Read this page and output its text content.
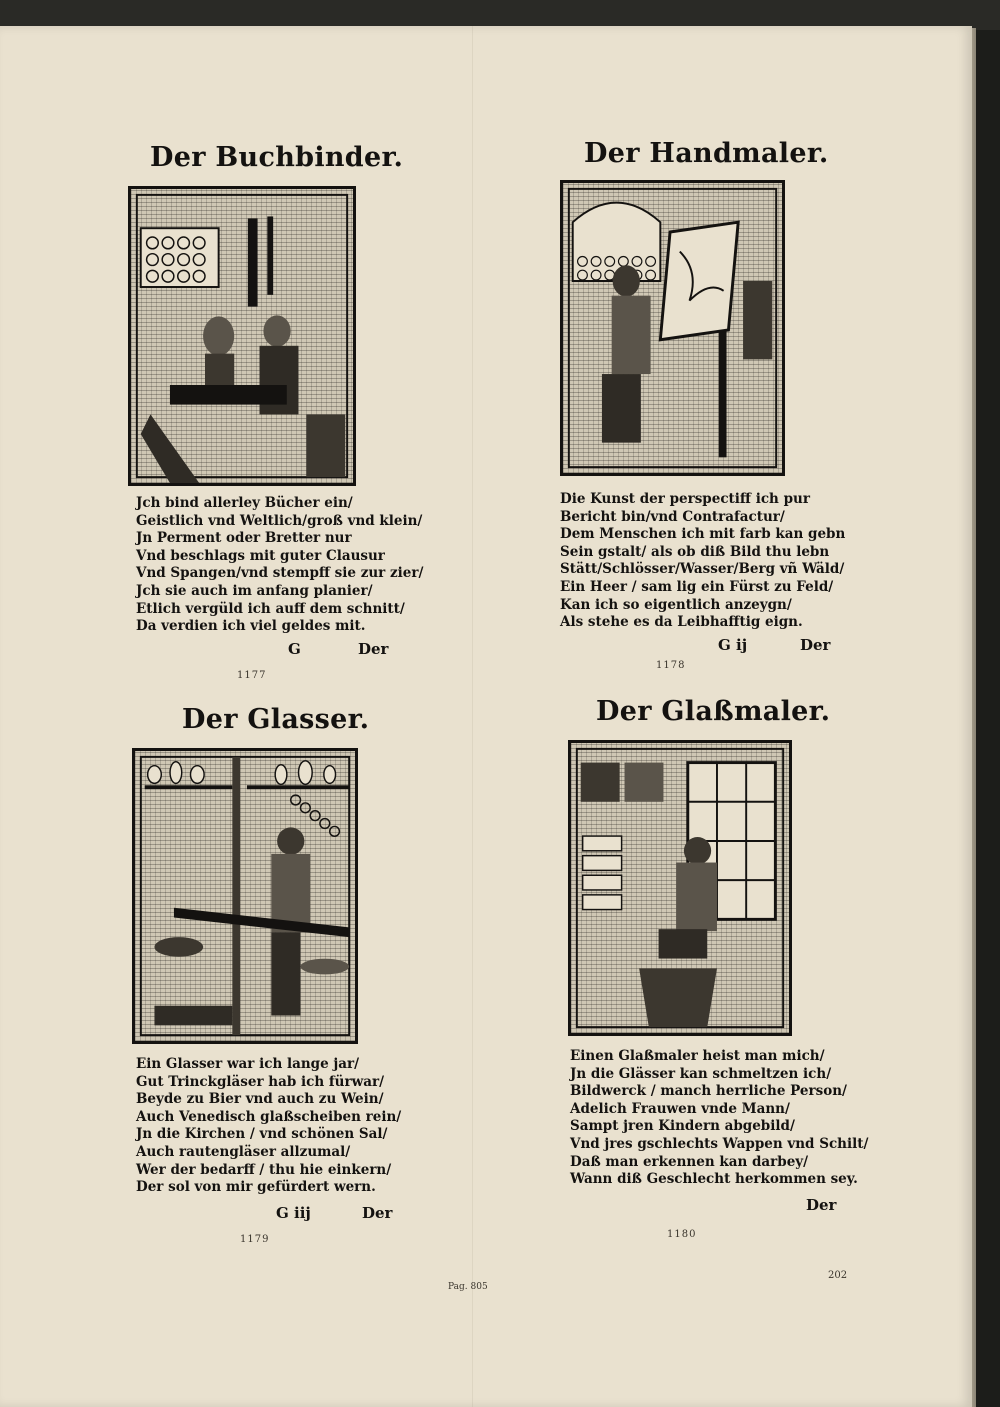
Der Buchbinder.
Jch bind allerley Bücher ein/
Geistlich vnd Weltlich/groß vnd klein/
Jn Perment oder Bretter nur
Vnd beschlags mit guter Clausur
Vnd Spangen/vnd stempff sie zur zier/
Jch sie auch im anfang planier/
Etlich vergüld ich auff dem schnitt/
Da verdien ich viel geldes mit.
G	Der
1177
Der Handmaler.
Die Kunst der perspectiff ich pur
Bericht bin/vnd Contrafactur/
Dem Menschen ich mit farb kan gebn
Sein gstalt/ als ob diß Bild thu lebn
Stätt/Schlösser/Wasser/Berg vñ Wäld/
Ein Heer / sam lig ein Fürst zu Feld/
Kan ich so eigentlich anzeygn/
Als stehe es da Leibhafftig eign.
G ij	Der
1178
Der Glasser.
Ein Glasser war ich lange jar/
Gut Trinckgläser hab ich fürwar/
Beyde zu Bier vnd auch zu Wein/
Auch Venedisch glaßscheiben rein/
Jn die Kirchen / vnd schönen Sal/
Auch rautengläser allzumal/
Wer der bedarff / thu hie einkern/
Der sol von mir gefürdert wern.
G iij	Der
1179
Der Glaßmaler.
Einen Glaßmaler heist man mich/
Jn die Glässer kan schmeltzen ich/
Bildwerck / manch herrliche Person/
Adelich Frauwen vnde Mann/
Sampt jren Kindern abgebild/
Vnd jres gschlechts Wappen vnd Schilt/
Daß man erkennen kan darbey/
Wann diß Geschlecht herkommen sey.
Der
1180
Pag. 805
202
